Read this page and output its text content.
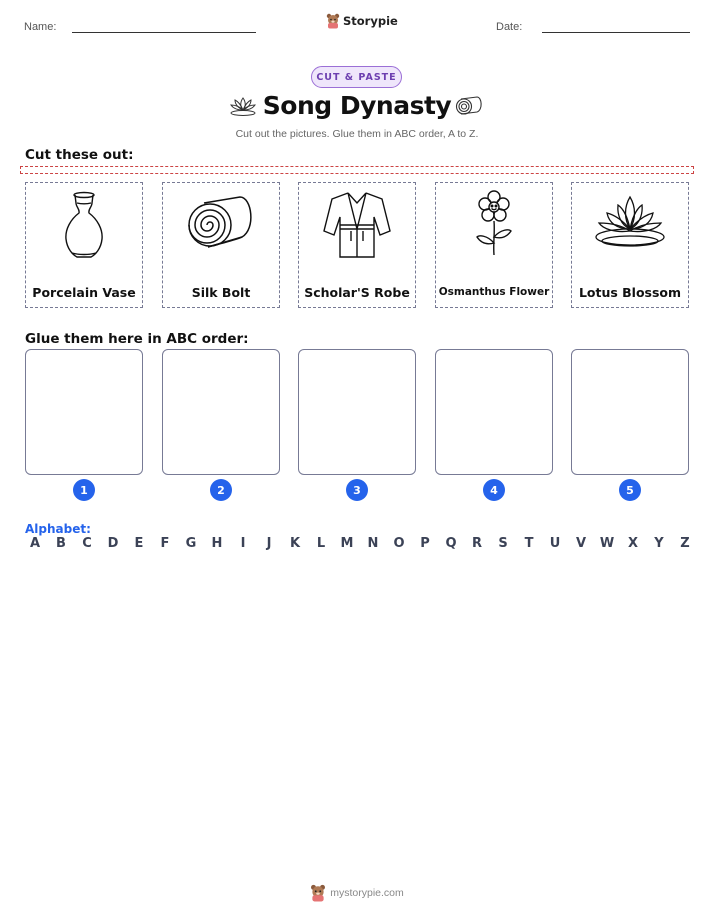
Name:	Storypie	Date:
CUT & PASTE
Song Dynasty
Cut out the pictures. Glue them in ABC order, A to Z.
Cut these out:
Porcelain Vase	Silk Bolt	Scholar'S Robe	Osmanthus Flower	Lotus Blossom
Glue them here in ABC order:
1	2	3	4	5
Alphabet:
A	B	C	D	E	F	G H	I	J	K	L	M N O	P	Q	R	S	T	U	V	W	X	Y	Z
mystorypie.com
